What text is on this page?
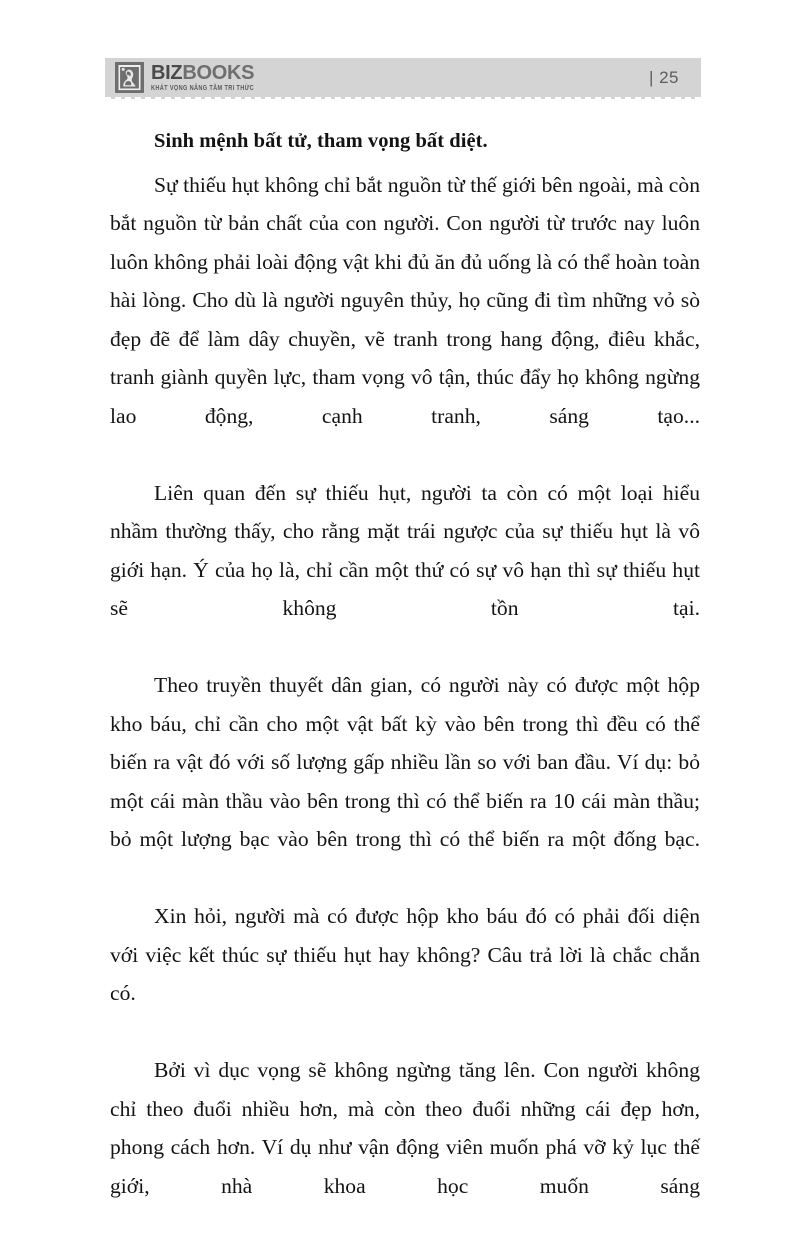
BIZBOOKS
KHÁT VỌNG NÂNG TẦM TRI THỨC
| 25
Sinh mệnh bất tử, tham vọng bất diệt.

Sự thiếu hụt không chỉ bắt nguồn từ thế giới bên ngoài, mà còn bắt nguồn từ bản chất của con người. Con người từ trước nay luôn luôn không phải loài động vật khi đủ ăn đủ uống là có thể hoàn toàn hài lòng. Cho dù là người nguyên thủy, họ cũng đi tìm những vỏ sò đẹp đẽ để làm dây chuyền, vẽ tranh trong hang động, điêu khắc, tranh giành quyền lực, tham vọng vô tận, thúc đẩy họ không ngừng lao động, cạnh tranh, sáng tạo...

Liên quan đến sự thiếu hụt, người ta còn có một loại hiểu nhầm thường thấy, cho rằng mặt trái ngược của sự thiếu hụt là vô giới hạn. Ý của họ là, chỉ cần một thứ có sự vô hạn thì sự thiếu hụt sẽ không tồn tại.

Theo truyền thuyết dân gian, có người này có được một hộp kho báu, chỉ cần cho một vật bất kỳ vào bên trong thì đều có thể biến ra vật đó với số lượng gấp nhiều lần so với ban đầu. Ví dụ: bỏ một cái màn thầu vào bên trong thì có thể biến ra 10 cái màn thầu; bỏ một lượng bạc vào bên trong thì có thể biến ra một đống bạc.

Xin hỏi, người mà có được hộp kho báu đó có phải đối diện với việc kết thúc sự thiếu hụt hay không? Câu trả lời là chắc chắn có.

Bởi vì dục vọng sẽ không ngừng tăng lên. Con người không chỉ theo đuổi nhiều hơn, mà còn theo đuổi những cái đẹp hơn, phong cách hơn. Ví dụ như vận động viên muốn phá vỡ kỷ lục thế giới, nhà khoa học muốn sáng
